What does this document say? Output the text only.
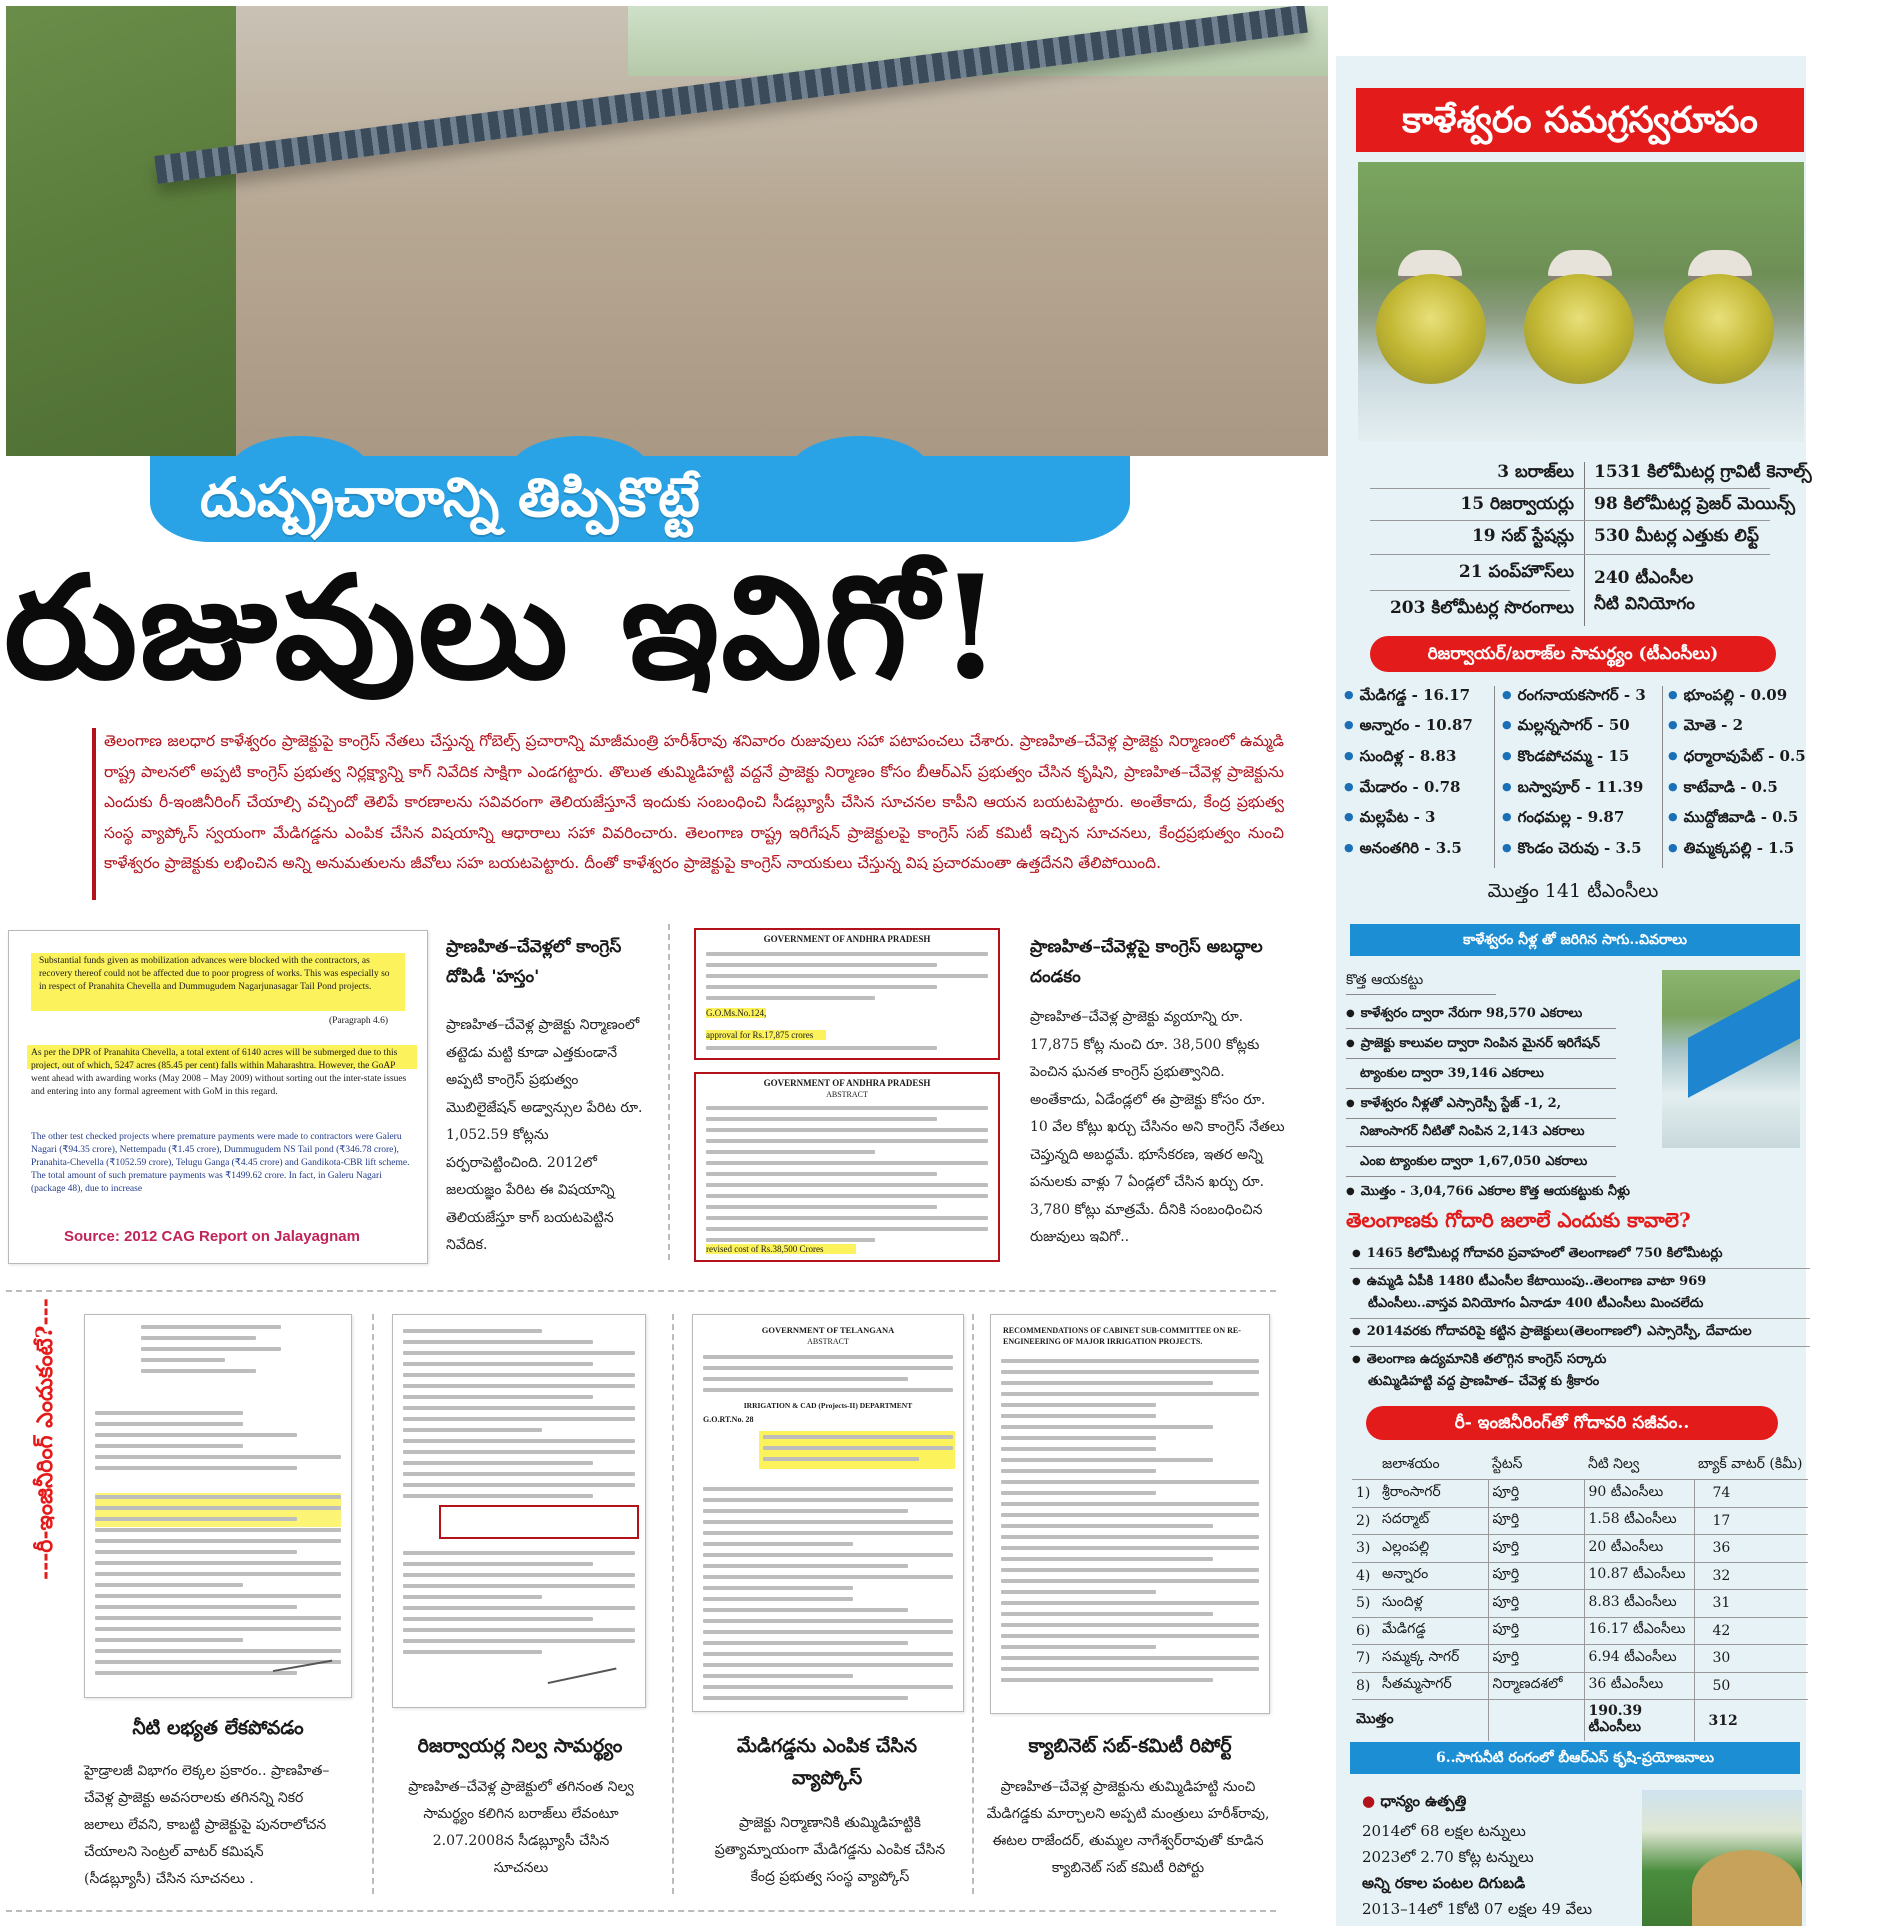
దుష్ప్రచారాన్ని తిప్పికొట్టే
రుజువులు ఇవిగో!
తెలంగాణ జలధార కాళేశ్వరం ప్రాజెక్టుపై కాంగ్రెస్ నేతలు చేస్తున్న గోబెల్స్ ప్రచారాన్ని మాజీమంత్రి హరీశ్‌రావు శనివారం రుజువులు సహా పటాపంచలు చేశారు. ప్రాణహిత–చేవెళ్ల ప్రాజెక్టు నిర్మాణంలో ఉమ్మడి రాష్ట్ర పాలనలో అప్పటి కాంగ్రెస్ ప్రభుత్వ నిర్లక్ష్యాన్ని కాగ్ నివేదిక సాక్షిగా ఎండగట్టారు. తొలుత తుమ్మిడిహట్టి వద్దనే ప్రాజెక్టు నిర్మాణం కోసం బీఆర్‌ఎస్ ప్రభుత్వం చేసిన కృషిని, ప్రాణహిత–చేవెళ్ల ప్రాజెక్టును ఎందుకు రీ-ఇంజినీరింగ్ చేయాల్సి వచ్చిందో తెలిపే కారణాలను సవివరంగా తెలియజేస్తూనే ఇందుకు సంబంధించి సీడబ్ల్యూసీ చేసిన సూచనల కాపీని ఆయన బయటపెట్టారు. అంతేకాదు, కేంద్ర ప్రభుత్వ సంస్థ వ్యాప్కోస్ స్వయంగా మేడిగడ్డను ఎంపిక చేసిన విషయాన్ని ఆధారాలు సహా వివరించారు. తెలంగాణ రాష్ట్ర ఇరిగేషన్ ప్రాజెక్టులపై కాంగ్రెస్ సబ్ కమిటీ ఇచ్చిన సూచనలు, కేంద్రప్రభుత్వం నుంచి కాళేశ్వరం ప్రాజెక్టుకు లభించిన అన్ని అనుమతులను జీవోలు సహ బయటపెట్టారు. దీంతో కాళేశ్వరం ప్రాజెక్టుపై కాంగ్రెస్ నాయకులు చేస్తున్న విష ప్రచారమంతా ఉత్తదేనని తేలిపోయింది.
Substantial funds given as mobilization advances were blocked with the contractors, as recovery thereof could not be affected due to poor progress of works. This was especially so in respect of Pranahita Chevella and Dummugudem Nagarjunasagar Tail Pond projects.
(Paragraph 4.6)
As per the DPR of Pranahita Chevella, a total extent of 6140 acres will be submerged due to this project, out of which, 5247 acres (85.45 per cent) falls within Maharashtra. However, the GoAP went ahead with awarding works (May 2008 – May 2009) without sorting out the inter-state issues and entering into any formal agreement with GoM in this regard.
The other test checked projects where premature payments were made to contractors were Galeru Nagari (₹94.35 crore), Nettempadu (₹1.45 crore), Dummugudem NS Tail pond (₹346.78 crore), Pranahita-Chevella (₹1052.59 crore), Telugu Ganga (₹4.45 crore) and Gandikota-CBR lift scheme. The total amount of such premature payments was ₹1499.62 crore. In fact, in Galeru Nagari (package 48), due to increase
Source: 2012 CAG Report on Jalayagnam
ప్రాణహిత–చేవెళ్లలో కాంగ్రెస్ దోపిడీ 'హస్తం'
ప్రాణహిత–చేవెళ్ల ప్రాజెక్టు నిర్మాణంలో తట్టెడు మట్టి కూడా ఎత్తకుండానే అప్పటి కాంగ్రెస్ ప్రభుత్వం మొబిలైజేషన్ అడ్వాన్సుల పేరిట రూ. 1,052.59 కోట్లను పర్పరాపెట్టించింది. 2012లో జలయజ్ఞం పేరిట ఈ విషయాన్ని తెలియజేస్తూ కాగ్ బయటపెట్టిన నివేదిక.
GOVERNMENT OF ANDHRA PRADESH
G.O.Ms.No.124,
approval for Rs.17,875 crores
GOVERNMENT OF ANDHRA PRADESH
ABSTRACT
revised cost of Rs.38,500 Crores
ప్రాణహిత–చేవెళ్లపై కాంగ్రెస్ అబద్ధాల దండకం
ప్రాణహిత–చేవెళ్ల ప్రాజెక్టు వ్యయాన్ని రూ. 17,875 కోట్ల నుంచి రూ. 38,500 కోట్లకు పెంచిన ఘనత కాంగ్రెస్ ప్రభుత్వానిది. అంతేకాదు, ఏడేండ్లలో ఈ ప్రాజెక్టు కోసం రూ. 10 వేల కోట్లు ఖర్చు చేసినం అని కాంగ్రెస్ నేతలు చెప్తున్నది అబద్ధమే. భూసేకరణ, ఇతర అన్ని పనులకు వాళ్లు 7 ఏండ్లలో చేసిన ఖర్చు రూ. 3,780 కోట్లు మాత్రమే. దీనికి సంబంధించిన రుజువులు ఇవిగో..
---రీ-ఇంజినీరింగ్ ఎందుకంటే?---	GOVERNMENT OF TELANGANA
ABSTRACT
IRRIGATION & CAD (Projects-II) DEPARTMENT
G.O.RT.No. 28
RECOMMENDATIONS OF CABINET SUB-COMMITTEE ON RE-ENGINEERING OF MAJOR IRRIGATION PROJECTS.
నీటి లభ్యత లేకపోవడం
హైడ్రాలజీ విభాగం లెక్కల ప్రకారం.. ప్రాణహిత–చేవెళ్ల ప్రాజెక్టు అవసరాలకు తగినన్ని నికర జలాలు లేవని, కాబట్టి ప్రాజెక్టుపై పునరాలోచన చేయాలని సెంట్రల్ వాటర్ కమిషన్ (సీడబ్ల్యూసీ) చేసిన సూచనలు .
రిజర్వాయర్ల నిల్వ సామర్థ్యం
ప్రాణహిత–చేవెళ్ల ప్రాజెక్టులో తగినంత నిల్వ సామర్థ్యం కలిగిన బరాజ్‌లు లేవంటూ 2.07.2008న సీడబ్ల్యూసీ చేసిన సూచనలు
మేడిగడ్డను ఎంపిక చేసిన వ్యాప్కోస్
ప్రాజెక్టు నిర్మాణానికి తుమ్మిడిహట్టికి ప్రత్యామ్నాయంగా మేడిగడ్డను ఎంపిక చేసిన కేంద్ర ప్రభుత్వ సంస్థ వ్యాప్కోస్
క్యాబినెట్ సబ్-కమిటీ రిపోర్ట్
ప్రాణహిత–చేవెళ్ల ప్రాజెక్టును తుమ్మిడిహట్టి నుంచి మేడిగడ్డకు మార్చాలని అప్పటి మంత్రులు హరీశ్‌రావు, ఈటల రాజేందర్, తుమ్మల నాగేశ్వర్‌రావుతో కూడిన క్యాబినెట్ సబ్ కమిటీ రిపోర్టు
కాళేశ్వరం సమగ్రస్వరూపం
3 బరాజ్‌లు 1531 కిలోమీటర్ల గ్రావిటీ కెనాల్స్
15 రిజర్వాయర్లు 98 కిలోమీటర్ల ప్రెజర్ మెయిన్స్
19 సబ్ స్టేషన్లు 530 మీటర్ల ఎత్తుకు లిఫ్ట్
21 పంప్‌హౌస్‌లు 240 టీఎంసీల
203 కిలోమీటర్ల సొరంగాలు నీటి వినియోగం
రిజర్వాయర్/బరాజ్‌ల సామర్థ్యం (టీఎంసీలు)
● మేడిగడ్డ - 16.17
● అన్నారం - 10.87
● సుందిళ్ల - 8.83
● మేడారం - 0.78
● మల్లపేట - 3
● అనంతగిరి - 3.5
● రంగనాయకసాగర్ - 3
● మల్లన్నసాగర్ - 50
● కొండపోచమ్మ - 15
● బస్వాపూర్ - 11.39
● గంధమల్ల - 9.87
● కొండం చెరువు - 3.5
● భూంపల్లి - 0.09
● మోతె - 2
● ధర్మారావుపేట్ - 0.5
● కాటేవాడి - 0.5
● ముద్దోజివాడి - 0.5
● తిమ్మక్కపల్లి - 1.5
మొత్తం 141 టీఎంసీలు
కాళేశ్వరం నీళ్ల తో జరిగిన సాగు..వివరాలు
కొత్త ఆయకట్టు
● కాళేశ్వరం ద్వారా నేరుగా 98,570 ఎకరాలు
● ప్రాజెక్టు కాలువల ద్వారా నింపిన మైనర్ ఇరిగేషన్
ట్యాంకుల ద్వారా 39,146 ఎకరాలు
● కాళేశ్వరం నీళ్లతో ఎస్సారెస్పీ స్టేజ్ -1, 2,
నిజాంసాగర్ నీటితో నింపిన 2,143 ఎకరాలు
ఎంఐ ట్యాంకుల ద్వారా 1,67,050 ఎకరాలు
● మొత్తం - 3,04,766 ఎకరాల కొత్త ఆయకట్టుకు నీళ్లు
తెలంగాణకు గోదారి జలాలే ఎందుకు కావాలె?
● 1465 కిలోమీటర్ల గోదావరి ప్రవాహంలో తెలంగాణలో 750 కిలోమీటర్లు
● ఉమ్మడి ఏపీకి 1480 టీఎంసీల కేటాయింపు..తెలంగాణ వాటా 969
టీఎంసీలు..వాస్తవ వినియోగం ఏనాడూ 400 టీఎంసీలు మించలేదు
● 2014వరకు గోదావరిపై కట్టిన ప్రాజెక్టులు(తెలంగాణలో) ఎస్సారెస్పీ, దేవాదుల
● తెలంగాణ ఉద్యమానికి తలొగ్గిన కాంగ్రెస్ సర్కారు
తుమ్మిడిహట్టి వద్ద ప్రాణహిత– చేవెళ్ల కు శ్రీకారం
రీ- ఇంజినీరింగ్‌తో గోదావరి సజీవం..
	జలాశయం	స్టేటస్	నీటి నిల్వ	బ్యాక్ వాటర్ (కిమీ)
1)	శ్రీరాంసాగర్	పూర్తి	90 టీఎంసీలు	74
2)	సదర్మాట్	పూర్తి	1.58 టీఎంసీలు	17
3)	ఎల్లంపల్లి	పూర్తి	20 టీఎంసీలు	36
4)	అన్నారం	పూర్తి	10.87 టీఎంసీలు	32
5)	సుందిళ్ల	పూర్తి	8.83 టీఎంసీలు	31
6)	మేడిగడ్డ	పూర్తి	16.17 టీఎంసీలు	42
7)	సమ్మక్క సాగర్	పూర్తి	6.94 టీఎంసీలు	30
8)	సీతమ్మసాగర్	నిర్మాణదశలో	36 టీఎంసీలు	50
మొత్తం			190.39 టీఎంసీలు	312
6..సాగునీటి రంగంలో బీఆర్‌ఎస్ కృషి-ప్రయోజనాలు
● ధాన్యం ఉత్పత్తి
2014లో 68 లక్షల టన్నులు
2023లో 2.70 కోట్ల టన్నులు
అన్ని రకాల పంటల దిగుబడి
2013–14లో 1కోటి 07 లక్షల 49 వేలు
